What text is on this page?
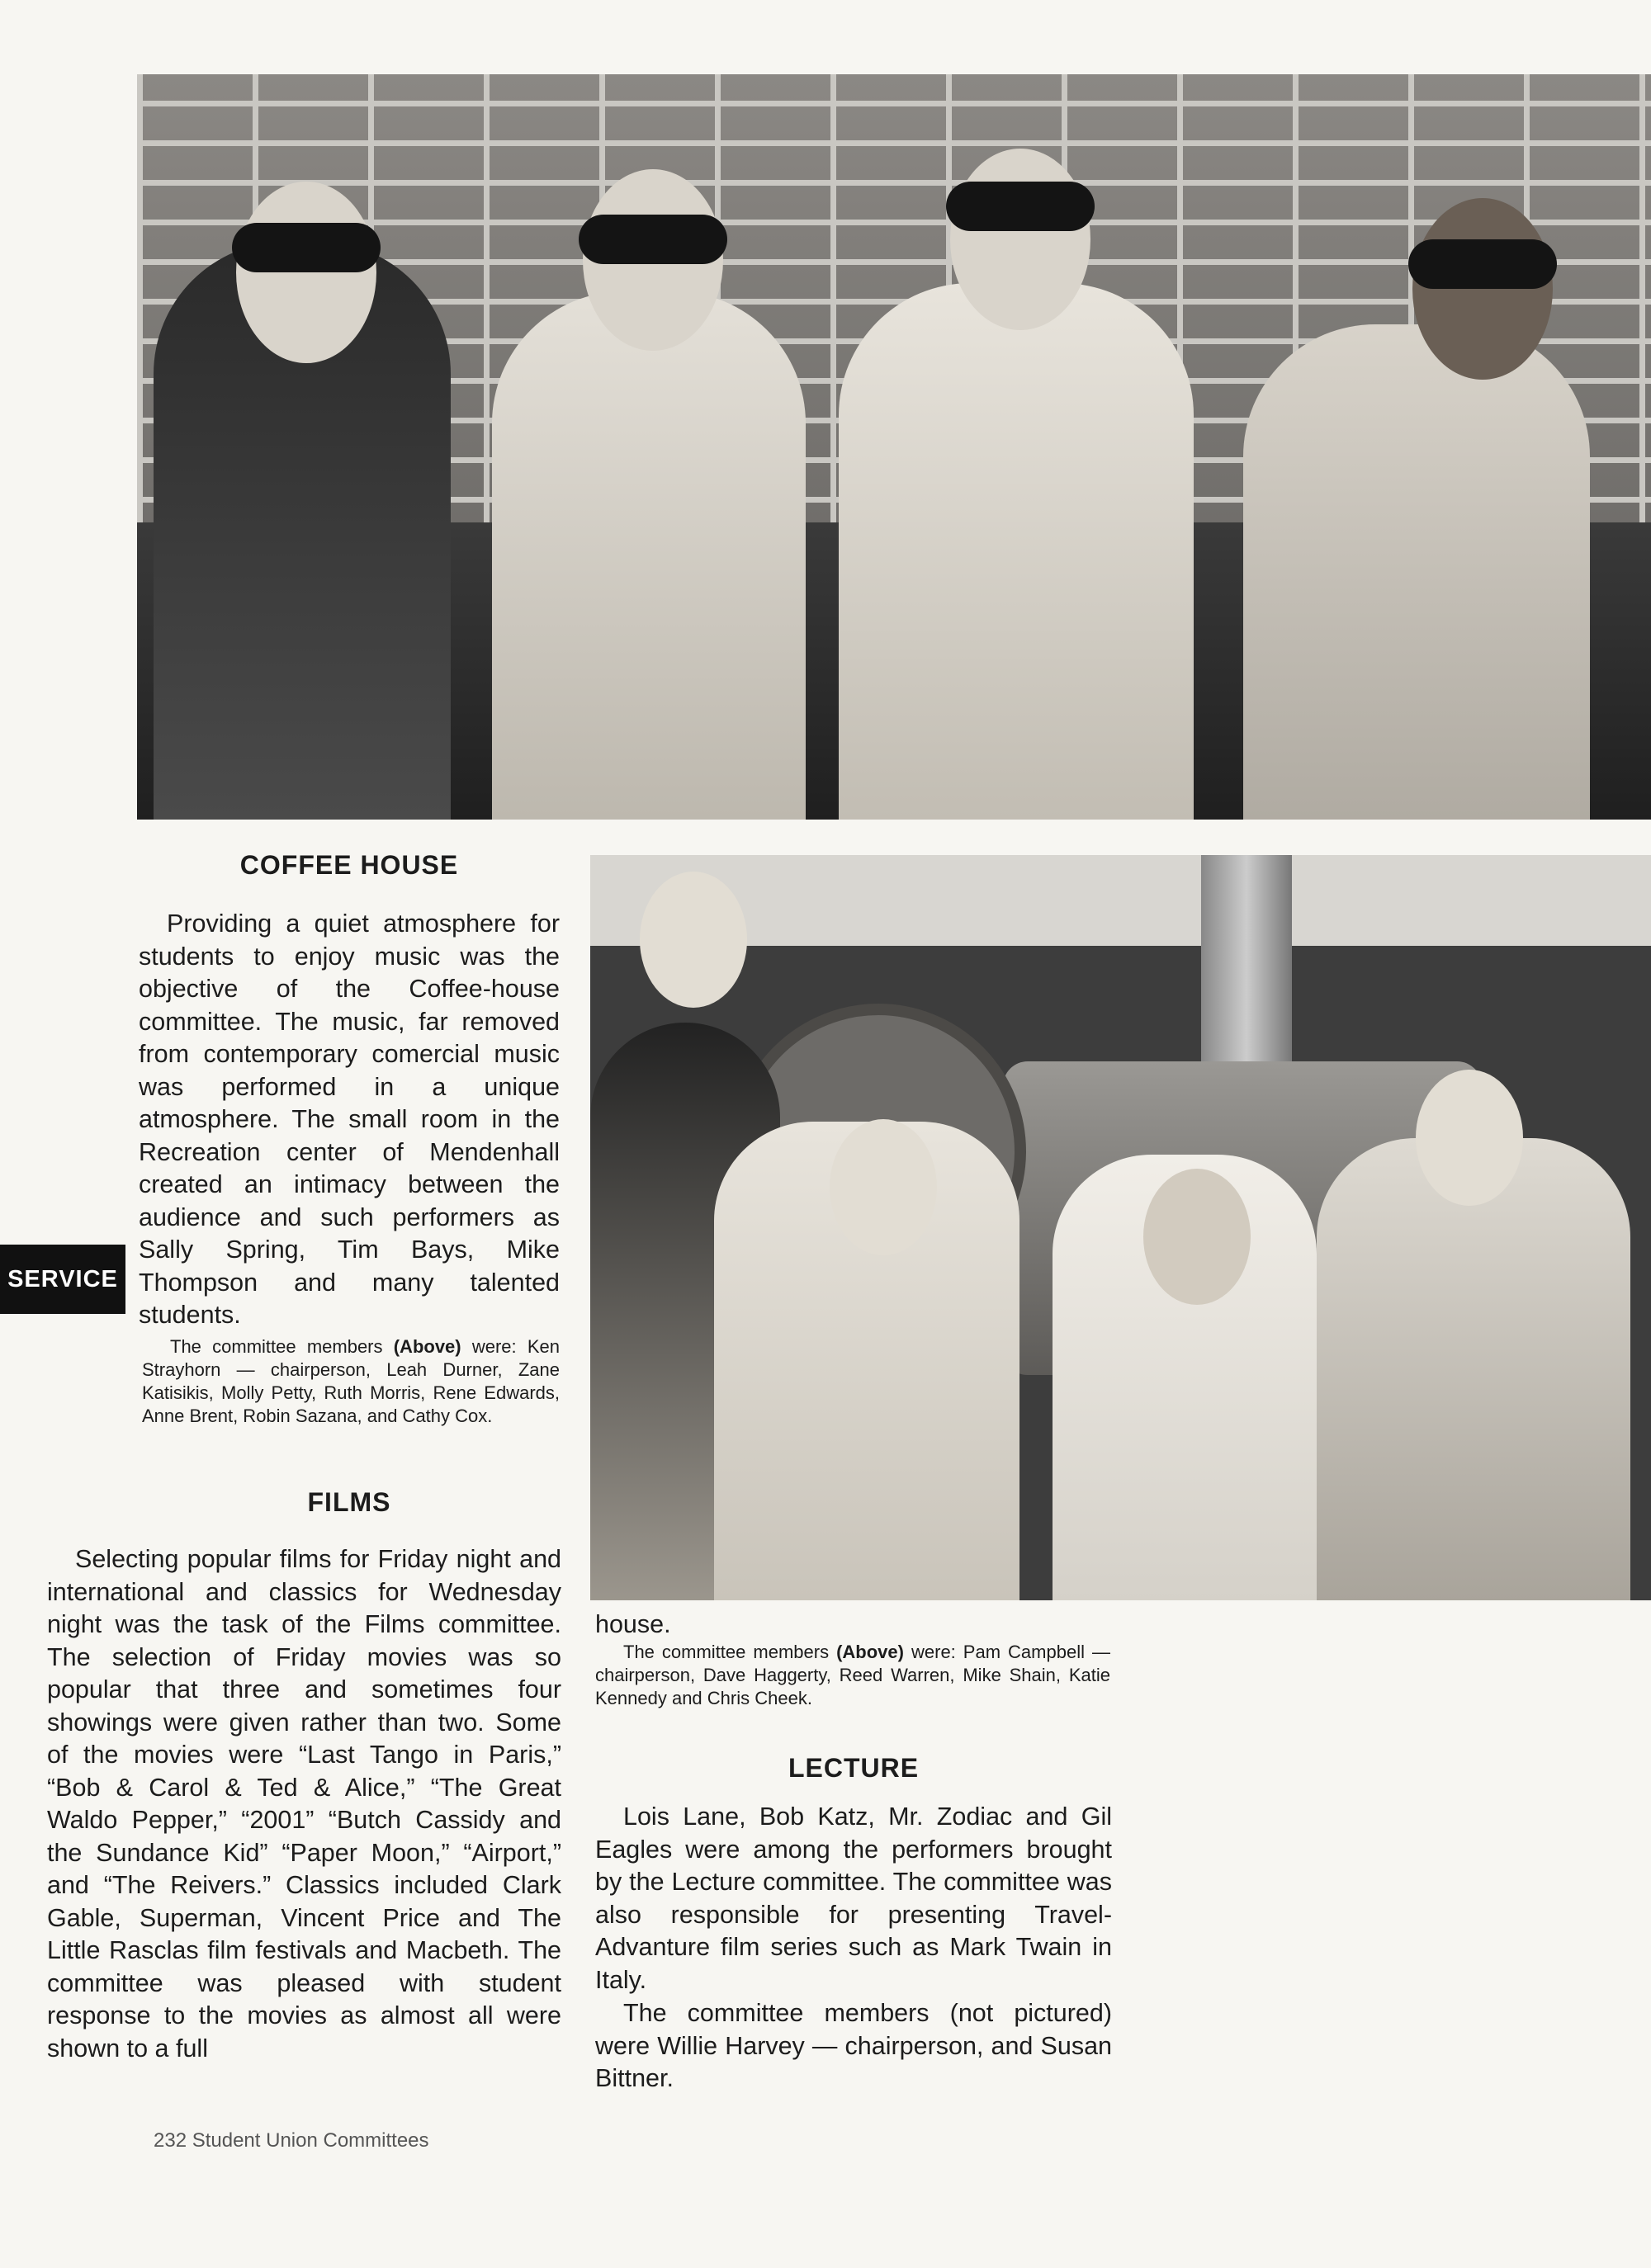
COFFEE HOUSE

Providing a quiet atmosphere for students to enjoy music was the objective of the Coffee-house committee. The music, far removed from contemporary comercial music was performed in a unique atmosphere. The small room in the Recreation center of Mendenhall created an intimacy between the audience and such performers as Sally Spring, Tim Bays, Mike Thompson and many talented students.

The committee members (Above) were: Ken Strayhorn — chairperson, Leah Durner, Zane Katisikis, Molly Petty, Ruth Morris, Rene Edwards, Anne Brent, Robin Sazana, and Cathy Cox.

SERVICE
FILMS

Selecting popular films for Friday night and international and classics for Wednesday night was the task of the Films committee. The selection of Friday movies was so popular that three and sometimes four showings were given rather than two. Some of the movies were “Last Tango in Paris,” “Bob & Carol & Ted & Alice,” “The Great Waldo Pepper,” “2001” “Butch Cassidy and the Sundance Kid” “Paper Moon,” “Airport,” and “The Reivers.” Classics included Clark Gable, Superman, Vincent Price and The Little Rasclas film festivals and Macbeth. The committee was pleased with student response to the movies as almost all were shown to a full

house.

The committee members (Above) were: Pam Campbell — chairperson, Dave Haggerty, Reed Warren, Mike Shain, Katie Kennedy and Chris Cheek.

LECTURE

Lois Lane, Bob Katz, Mr. Zodiac and Gil Eagles were among the performers brought by the Lecture committee. The committee was also responsible for presenting Travel-Advanture film series such as Mark Twain in Italy.

The committee members (not pictured) were Willie Harvey — chairperson, and Susan Bittner.

232 Student Union Committees
